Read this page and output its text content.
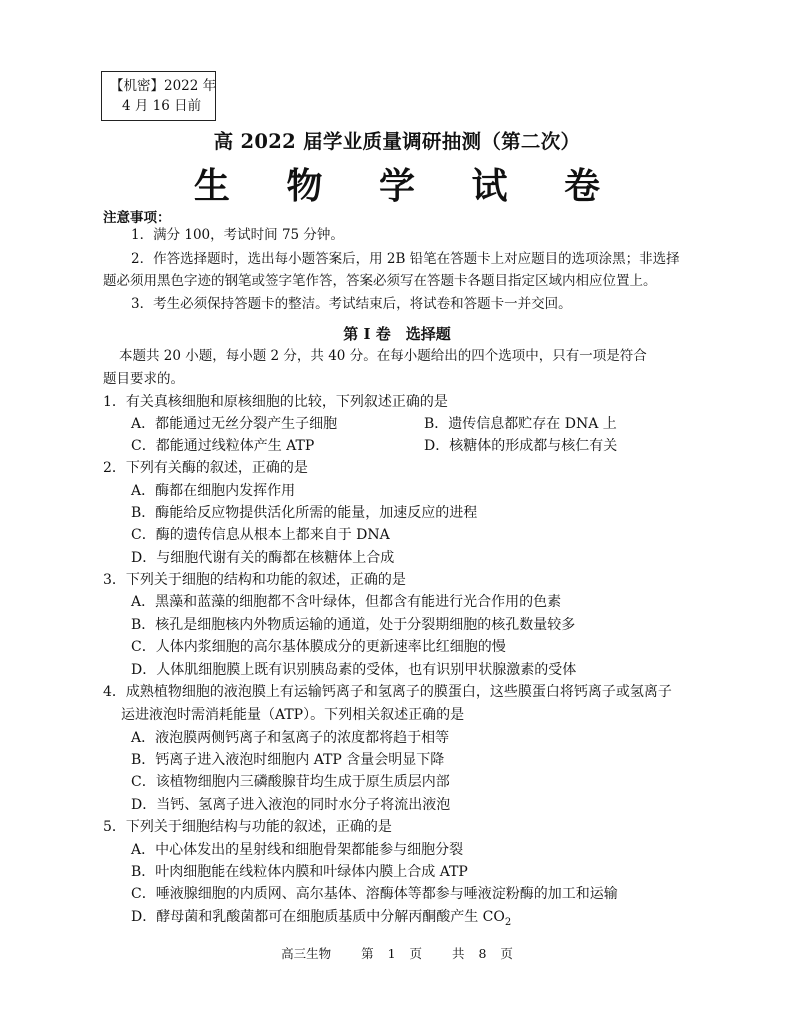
【机密】2022 年
4 月 16 日前
高 2022 届学业质量调研抽测（第二次）
生 物 学 试 卷
注意事项：
1．满分 100，考试时间 75 分钟。
2．作答选择题时，选出每小题答案后，用 2B 铅笔在答题卡上对应题目的选项涂黑；非选择
题必须用黑色字迹的钢笔或签字笔作答，答案必须写在答题卡各题目指定区域内相应位置上。
3．考生必须保持答题卡的整洁。考试结束后，将试卷和答题卡一并交回。
第 I 卷　选择题
本题共 20 小题，每小题 2 分，共 40 分。在每小题给出的四个选项中，只有一项是符合
题目要求的。
1．有关真核细胞和原核细胞的比较，下列叙述正确的是
A．都能通过无丝分裂产生子细胞	B．遗传信息都贮存在 DNA 上
C．都能通过线粒体产生 ATP	D．核糖体的形成都与核仁有关
2．下列有关酶的叙述，正确的是
A．酶都在细胞内发挥作用
B．酶能给反应物提供活化所需的能量，加速反应的进程
C．酶的遗传信息从根本上都来自于 DNA
D．与细胞代谢有关的酶都在核糖体上合成
3．下列关于细胞的结构和功能的叙述，正确的是
A．黑藻和蓝藻的细胞都不含叶绿体，但都含有能进行光合作用的色素
B．核孔是细胞核内外物质运输的通道，处于分裂期细胞的核孔数量较多
C．人体内浆细胞的高尔基体膜成分的更新速率比红细胞的慢
D．人体肌细胞膜上既有识别胰岛素的受体，也有识别甲状腺激素的受体
4．成熟植物细胞的液泡膜上有运输钙离子和氢离子的膜蛋白，这些膜蛋白将钙离子或氢离子
运进液泡时需消耗能量（ATP）。下列相关叙述正确的是
A．液泡膜两侧钙离子和氢离子的浓度都将趋于相等
B．钙离子进入液泡时细胞内 ATP 含量会明显下降
C．该植物细胞内三磷酸腺苷均生成于原生质层内部
D．当钙、氢离子进入液泡的同时水分子将流出液泡
5．下列关于细胞结构与功能的叙述，正确的是
A．中心体发出的星射线和细胞骨架都能参与细胞分裂
B．叶肉细胞能在线粒体内膜和叶绿体内膜上合成 ATP
C．唾液腺细胞的内质网、高尔基体、溶酶体等都参与唾液淀粉酶的加工和运输
D．酵母菌和乳酸菌都可在细胞质基质中分解丙酮酸产生 $CO_2$
高三生物 第 1 页 共 8 页
